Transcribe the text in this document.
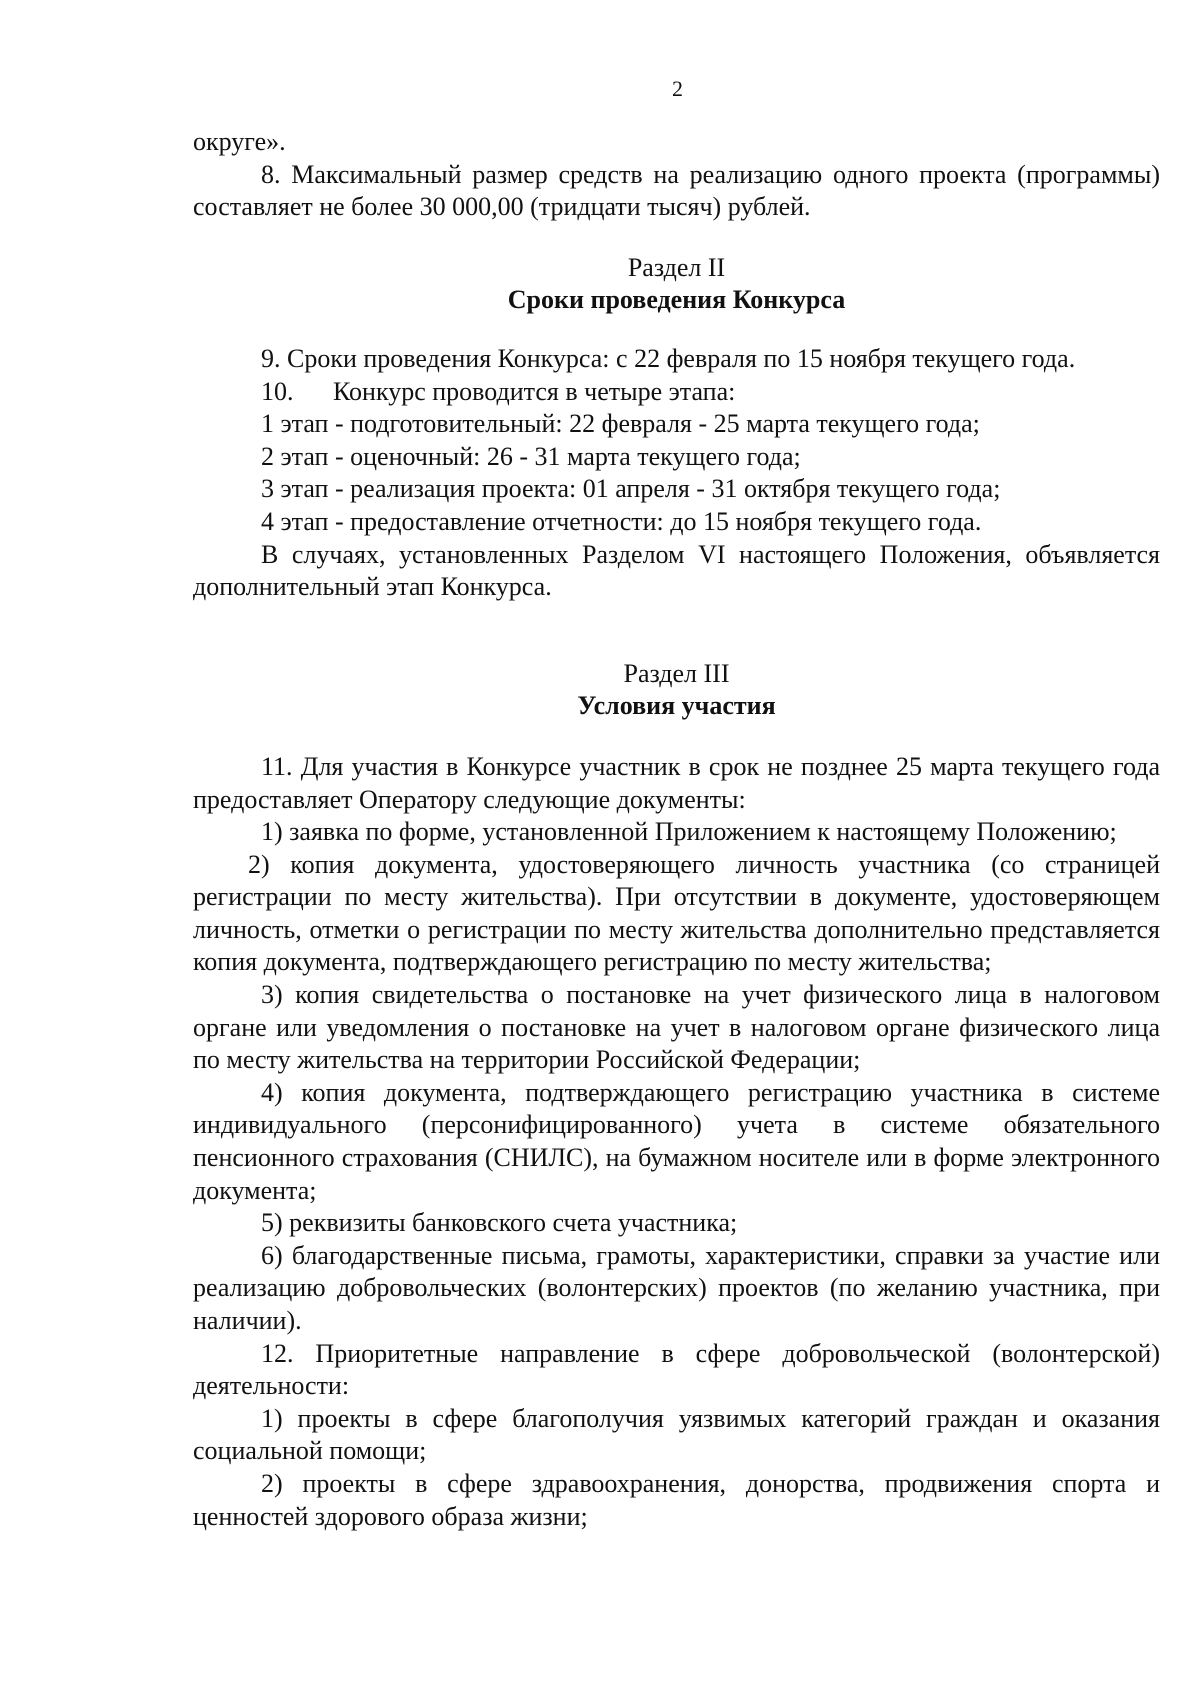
2

округе».

8. Максимальный размер средств на реализацию одного проекта (программы) составляет не более 30 000,00 (тридцати тысяч) рублей.

Раздел II

Сроки проведения Конкурса

9. Сроки проведения Конкурса: с 22 февраля по 15 ноября текущего года.

10. Конкурс проводится в четыре этапа:

1 этап - подготовительный: 22 февраля - 25 марта текущего года;

2 этап - оценочный: 26 - 31 марта текущего года;

3 этап - реализация проекта: 01 апреля - 31 октября текущего года;

4 этап - предоставление отчетности: до 15 ноября текущего года.

В случаях, установленных Разделом VI настоящего Положения, объявляется дополнительный этап Конкурса.

Раздел III

Условия участия

11. Для участия в Конкурсе участник в срок не позднее 25 марта текущего года предоставляет Оператору следующие документы:

1) заявка по форме, установленной Приложением к настоящему Положению;

2) копия документа, удостоверяющего личность участника (со страницей регистрации по месту жительства). При отсутствии в документе, удостоверяющем личность, отметки о регистрации по месту жительства дополнительно представляется копия документа, подтверждающего регистрацию по месту жительства;

3) копия свидетельства о постановке на учет физического лица в налоговом органе или уведомления о постановке на учет в налоговом органе физического лица по месту жительства на территории Российской Федерации;

4) копия документа, подтверждающего регистрацию участника в системе индивидуального (персонифицированного) учета в системе обязательного пенсионного страхования (СНИЛС), на бумажном носителе или в форме электронного документа;

5) реквизиты банковского счета участника;

6) благодарственные письма, грамоты, характеристики, справки за участие или реализацию добровольческих (волонтерских) проектов (по желанию участника, при наличии).

12. Приоритетные направление в сфере добровольческой (волонтерской) деятельности:

1) проекты в сфере благополучия уязвимых категорий граждан и оказания социальной помощи;

2) проекты в сфере здравоохранения, донорства, продвижения спорта и ценностей здорового образа жизни;
